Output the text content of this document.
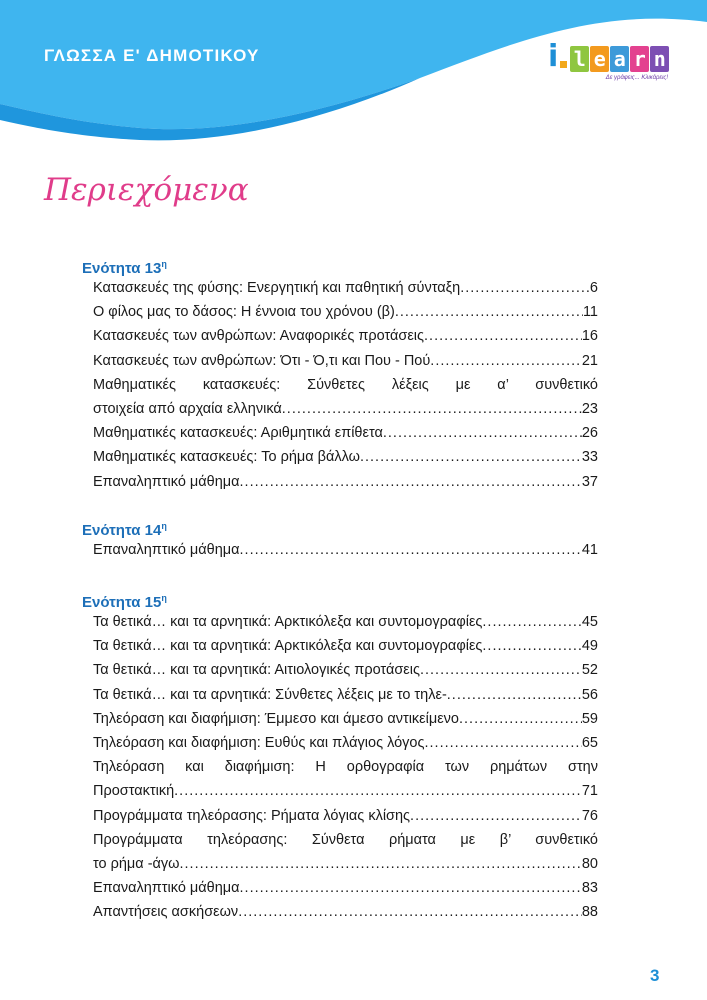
ΓΛΩΣΣΑ Ε' ΔΗΜΟΤΙΚΟΥ	i l e a r n
Δε γράφεις... Κλικάρεις!
Περιεχόμενα
Ενότητα $13^\eta$
Κατασκευές της φύσης: Ενεργητική και παθητική σύνταξη .....	6
Ο φίλος μας το δάσος: Η έννοια του χρόνου (β) .....	11
Κατασκευές των ανθρώπων: Αναφορικές προτάσεις .....	16
Κατασκευές των ανθρώπων: Ότι - Ό,τι και Που - Πού .....	21
Μαθηματικές κατασκευές: Σύνθετες λέξεις με α’ συνθετικό
στοιχεία από αρχαία ελληνικά .....	23
Μαθηματικές κατασκευές: Αριθμητικά επίθετα .....	26
Μαθηματικές κατασκευές: Το ρήμα βάλλω .....	33
Επαναληπτικό μάθημα .....	37
Ενότητα $14^\eta$
Επαναληπτικό μάθημα .....	41
Ενότητα $15^\eta$
Τα θετικά… και τα αρνητικά: Αρκτικόλεξα και συντομογραφίες .....	45
Τα θετικά… και τα αρνητικά: Αρκτικόλεξα και συντομογραφίες .....	49
Τα θετικά… και τα αρνητικά: Αιτιολογικές προτάσεις .....	52
Τα θετικά… και τα αρνητικά: Σύνθετες λέξεις με το τηλε- .....	56
Τηλεόραση και διαφήμιση: Έμμεσο και άμεσο αντικείμενο .....	59
Τηλεόραση και διαφήμιση: Ευθύς και πλάγιος λόγος .....	65
Τηλεόραση και διαφήμιση: Η ορθογραφία των ρημάτων στην
Προστακτική .....	71
Προγράμματα τηλεόρασης: Ρήματα λόγιας κλίσης .....	76
Προγράμματα τηλεόρασης: Σύνθετα ρήματα με β’ συνθετικό
το ρήμα -άγω .....	80
Επαναληπτικό μάθημα .....	83
Απαντήσεις ασκήσεων .....	88
3
